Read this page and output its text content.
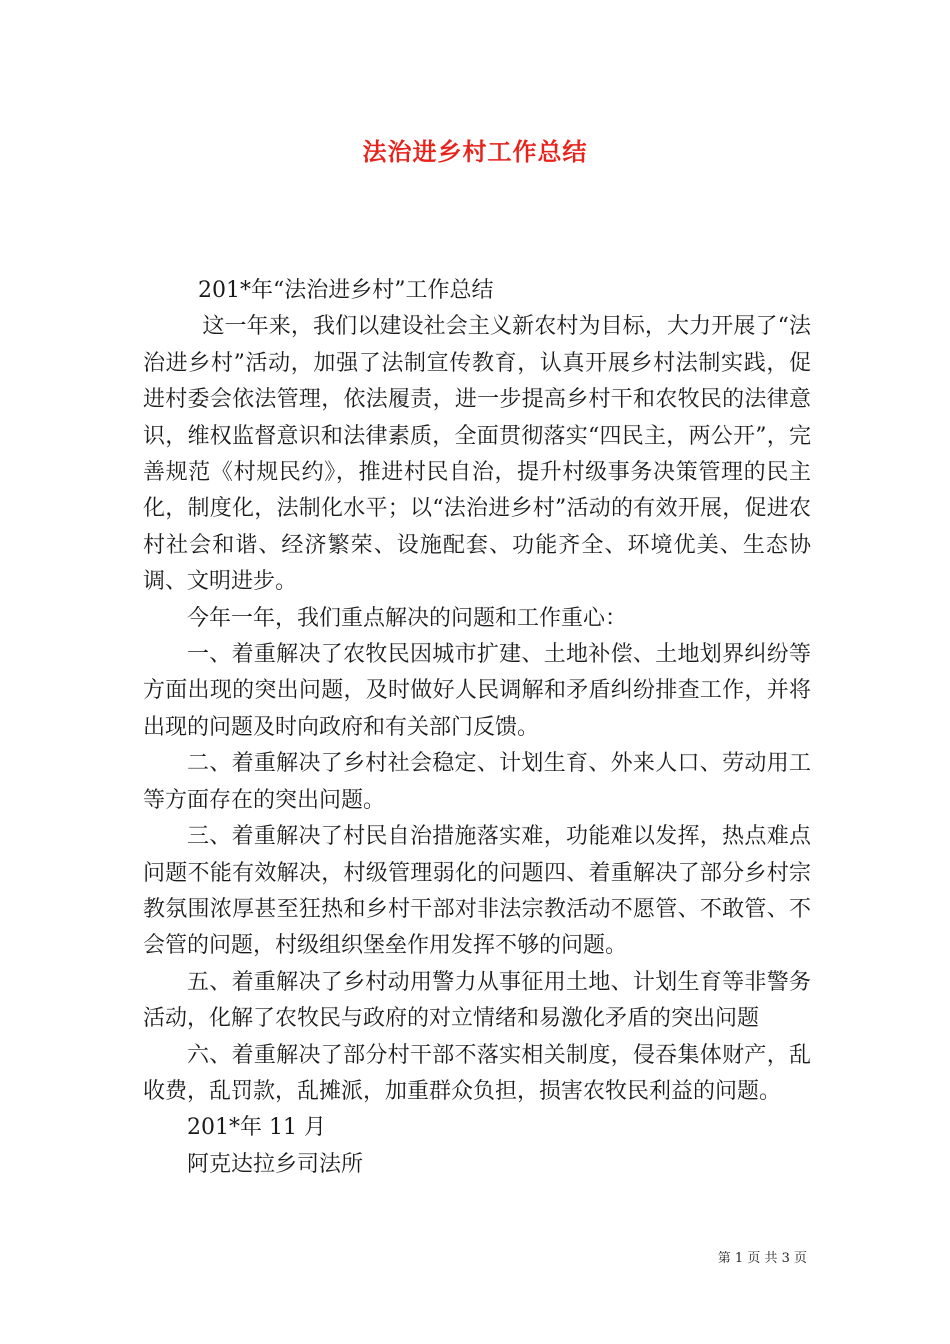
法治进乡村工作总结

201*年“法治进乡村”工作总结

这一年来，我们以建设社会主义新农村为目标，大力开展了“法治进乡村”活动，加强了法制宣传教育，认真开展乡村法制实践，促进村委会依法管理，依法履责，进一步提高乡村干和农牧民的法律意识，维权监督意识和法律素质，全面贯彻落实“四民主，两公开”，完善规范《村规民约》，推进村民自治，提升村级事务决策管理的民主化，制度化，法制化水平；以“法治进乡村”活动的有效开展，促进农村社会和谐、经济繁荣、设施配套、功能齐全、环境优美、生态协调、文明进步。

今年一年，我们重点解决的问题和工作重心：

一、着重解决了农牧民因城市扩建、土地补偿、土地划界纠纷等方面出现的突出问题，及时做好人民调解和矛盾纠纷排查工作，并将出现的问题及时向政府和有关部门反馈。

二、着重解决了乡村社会稳定、计划生育、外来人口、劳动用工等方面存在的突出问题。

三、着重解决了村民自治措施落实难，功能难以发挥，热点难点问题不能有效解决，村级管理弱化的问题四、着重解决了部分乡村宗教氛围浓厚甚至狂热和乡村干部对非法宗教活动不愿管、不敢管、不会管的问题，村级组织堡垒作用发挥不够的问题。

五、着重解决了乡村动用警力从事征用土地、计划生育等非警务活动，化解了农牧民与政府的对立情绪和易激化矛盾的突出问题

六、着重解决了部分村干部不落实相关制度，侵吞集体财产，乱收费，乱罚款，乱摊派，加重群众负担，损害农牧民利益的问题。

201*年 11 月

阿克达拉乡司法所

第 1 页 共 3 页
